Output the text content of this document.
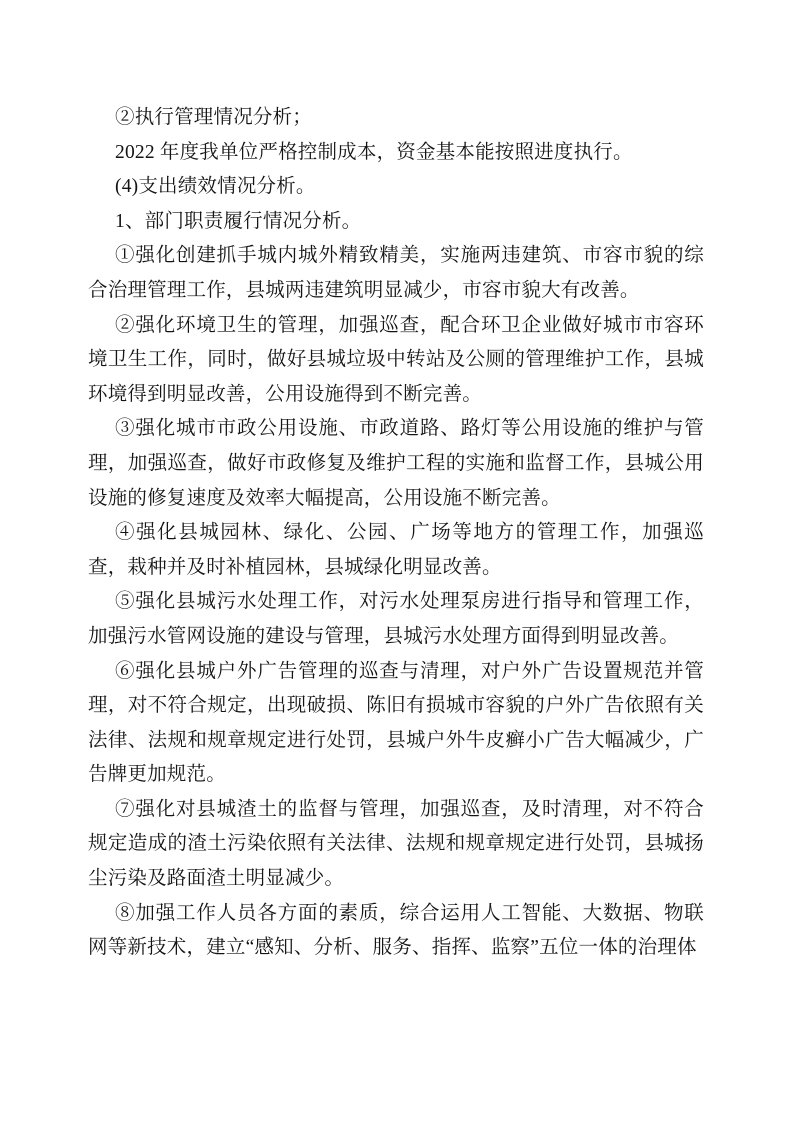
②执行管理情况分析；

2022 年度我单位严格控制成本，资金基本能按照进度执行。

(4)支出绩效情况分析。

1、部门职责履行情况分析。

①强化创建抓手城内城外精致精美，实施两违建筑、市容市貌的综合治理管理工作，县城两违建筑明显减少，市容市貌大有改善。

②强化环境卫生的管理，加强巡查，配合环卫企业做好城市市容环境卫生工作，同时，做好县城垃圾中转站及公厕的管理维护工作，县城环境得到明显改善，公用设施得到不断完善。

③强化城市市政公用设施、市政道路、路灯等公用设施的维护与管理，加强巡查，做好市政修复及维护工程的实施和监督工作，县城公用设施的修复速度及效率大幅提高，公用设施不断完善。

④强化县城园林、绿化、公园、广场等地方的管理工作，加强巡查，栽种并及时补植园林，县城绿化明显改善。

⑤强化县城污水处理工作，对污水处理泵房进行指导和管理工作，加强污水管网设施的建设与管理，县城污水处理方面得到明显改善。

⑥强化县城户外广告管理的巡查与清理，对户外广告设置规范并管理，对不符合规定，出现破损、陈旧有损城市容貌的户外广告依照有关法律、法规和规章规定进行处罚，县城户外牛皮癣小广告大幅减少，广告牌更加规范。

⑦强化对县城渣土的监督与管理，加强巡查，及时清理，对不符合规定造成的渣土污染依照有关法律、法规和规章规定进行处罚，县城扬尘污染及路面渣土明显减少。

⑧加强工作人员各方面的素质，综合运用人工智能、大数据、物联网等新技术，建立“感知、分析、服务、指挥、监察”五位一体的治理体
